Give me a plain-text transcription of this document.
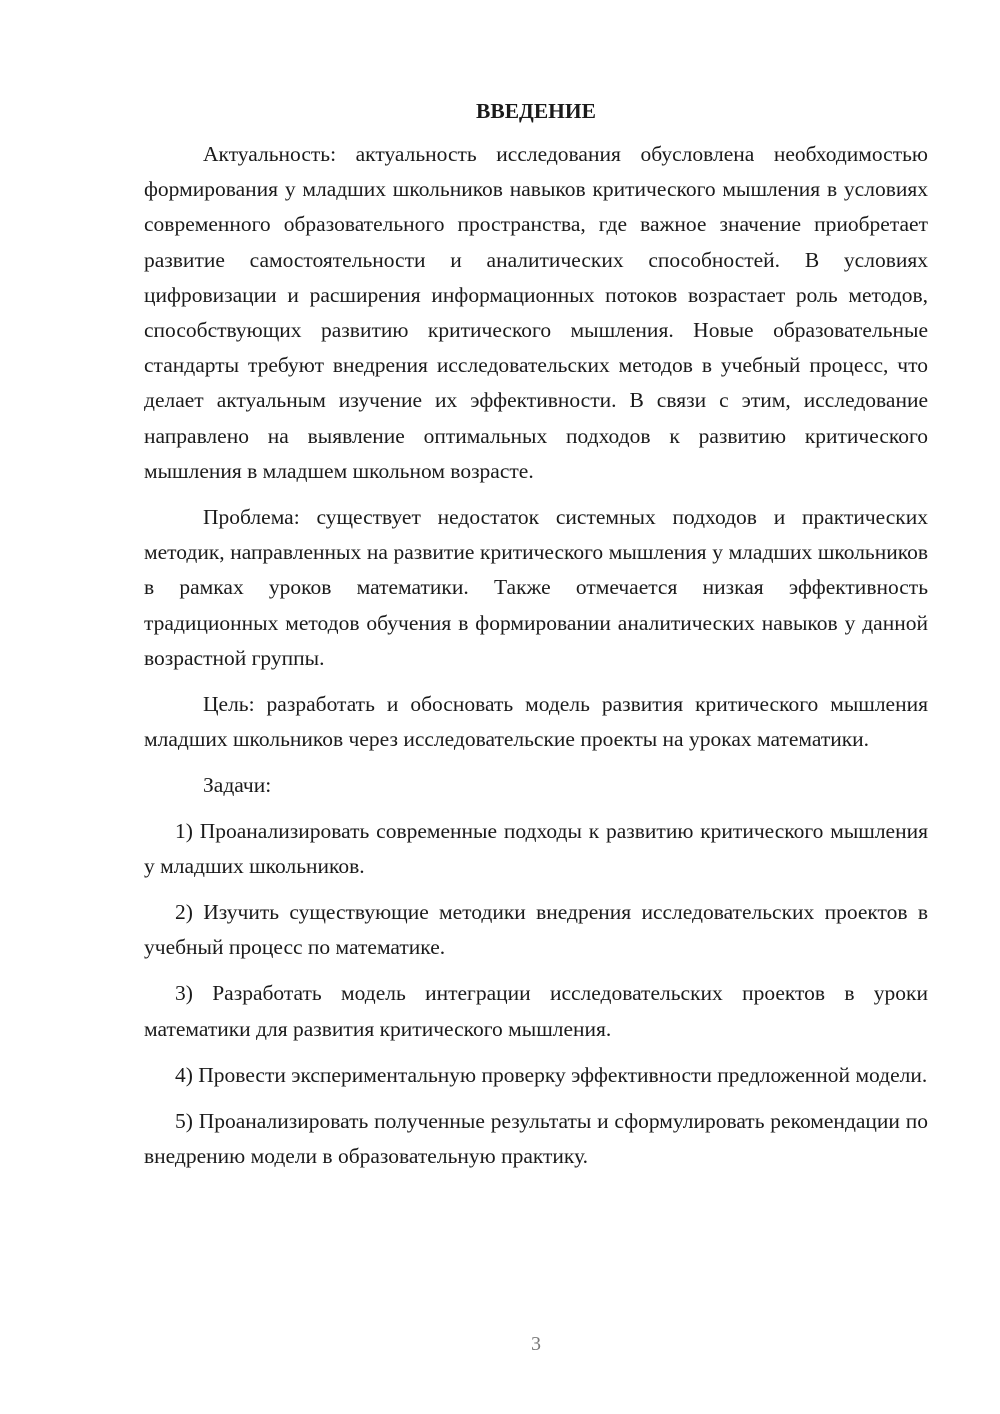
ВВЕДЕНИЕ

Актуальность: актуальность исследования обусловлена необходимостью формирования у младших школьников навыков критического мышления в условиях современного образовательного пространства, где важное значение приобретает развитие самостоятельности и аналитических способностей. В условиях цифровизации и расширения информационных потоков возрастает роль методов, способствующих развитию критического мышления. Новые образовательные стандарты требуют внедрения исследовательских методов в учебный процесс, что делает актуальным изучение их эффективности. В связи с этим, исследование направлено на выявление оптимальных подходов к развитию критического мышления в младшем школьном возрасте.

Проблема: существует недостаток системных подходов и практических методик, направленных на развитие критического мышления у младших школьников в рамках уроков математики. Также отмечается низкая эффективность традиционных методов обучения в формировании аналитических навыков у данной возрастной группы.

Цель: разработать и обосновать модель развития критического мышления младших школьников через исследовательские проекты на уроках математики.

Задачи:

1) Проанализировать современные подходы к развитию критического мышления у младших школьников.

2) Изучить существующие методики внедрения исследовательских проектов в учебный процесс по математике.

3) Разработать модель интеграции исследовательских проектов в уроки математики для развития критического мышления.

4) Провести экспериментальную проверку эффективности предложенной модели.

5) Проанализировать полученные результаты и сформулировать рекомендации по внедрению модели в образовательную практику.

3
